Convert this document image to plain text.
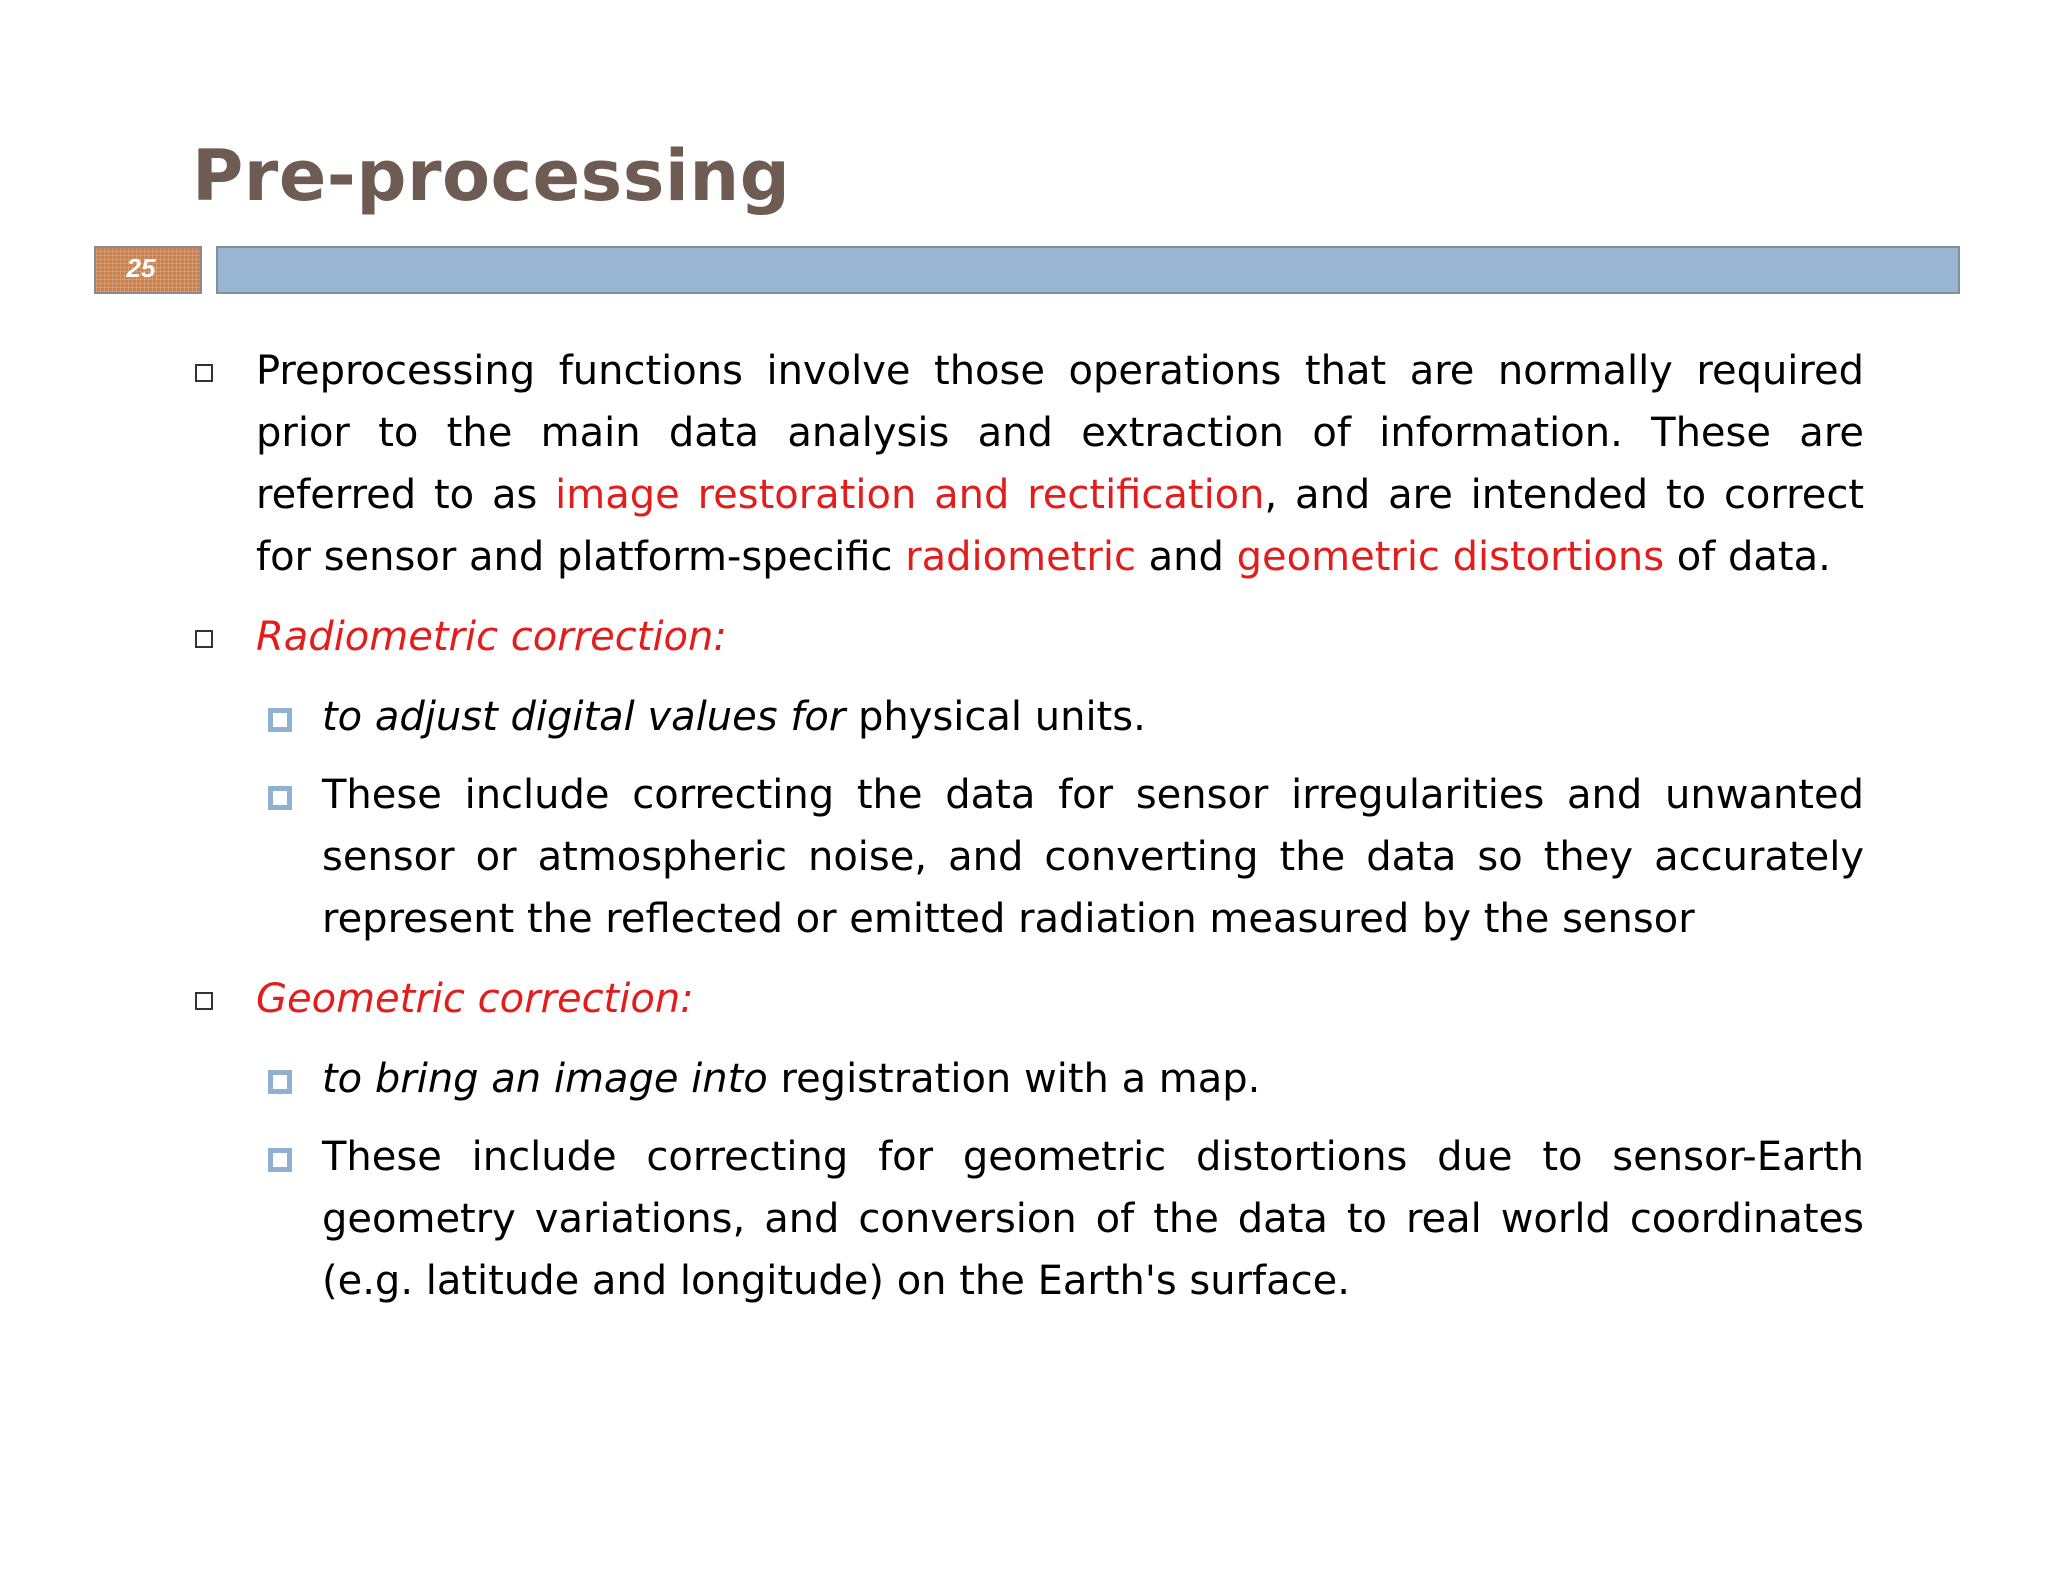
Pre-processing
25
Preprocessing functions involve those operations that are normally required prior to the main data analysis and extraction of information. These are referred to as image restoration and rectification, and are intended to correct for sensor and platform-specific radiometric and geometric distortions of data.
Radiometric correction:
to adjust digital values for physical units.
These include correcting the data for sensor irregularities and unwanted sensor or atmospheric noise, and converting the data so they accurately represent the reflected or emitted radiation measured by the sensor
Geometric correction:
to bring an image into registration with a map.
These include correcting for geometric distortions due to sensor-Earth geometry variations, and conversion of the data to real world coordinates (e.g. latitude and longitude) on the Earth's surface.
